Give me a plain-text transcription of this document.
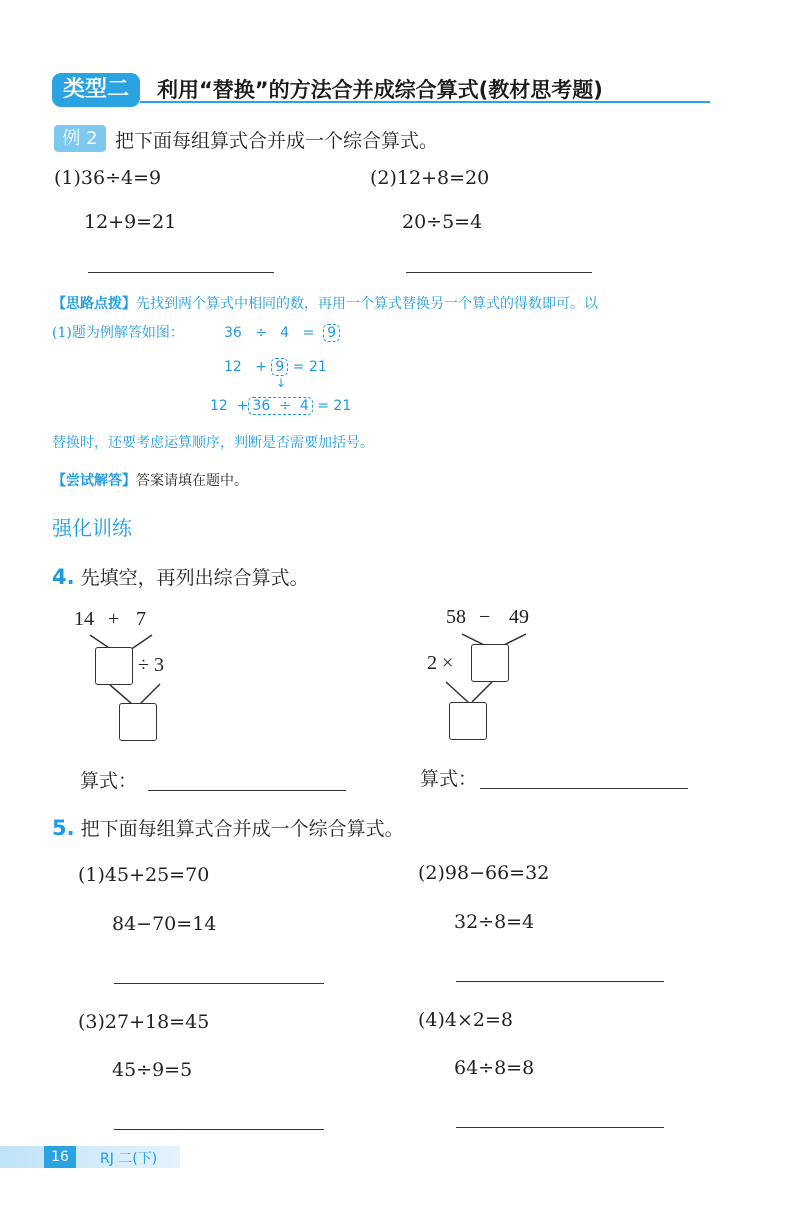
类型二	利用“替换”的方法合并成综合算式(教材思考题)
例 2 把下面每组算式合并成一个综合算式。
(1)36÷4=9
12+9=21
(2)12+8=20
20÷5=4
【思路点拨】先找到两个算式中相同的数，再用一个算式替换另一个算式的得数即可。以
(1)题为例解答如图：	36 ÷ 4 = 9
12 + 9 = 21
↓
12 + 36 ÷ 4 = 21
替换时，还要考虑运算顺序，判断是否需要加括号。
【尝试解答】答案请填在题中。
强化训练
4. 先填空，再列出综合算式。
14 + 7
÷ 3
算式：
58 − 49
2 ×
算式：
5. 把下面每组算式合并成一个综合算式。
(1)45+25=70
84−70=14
(2)98−66=32
32÷8=4
(3)27+18=45
45÷9=5
(4)4×2=8
64÷8=8
16	RJ 二(下)
